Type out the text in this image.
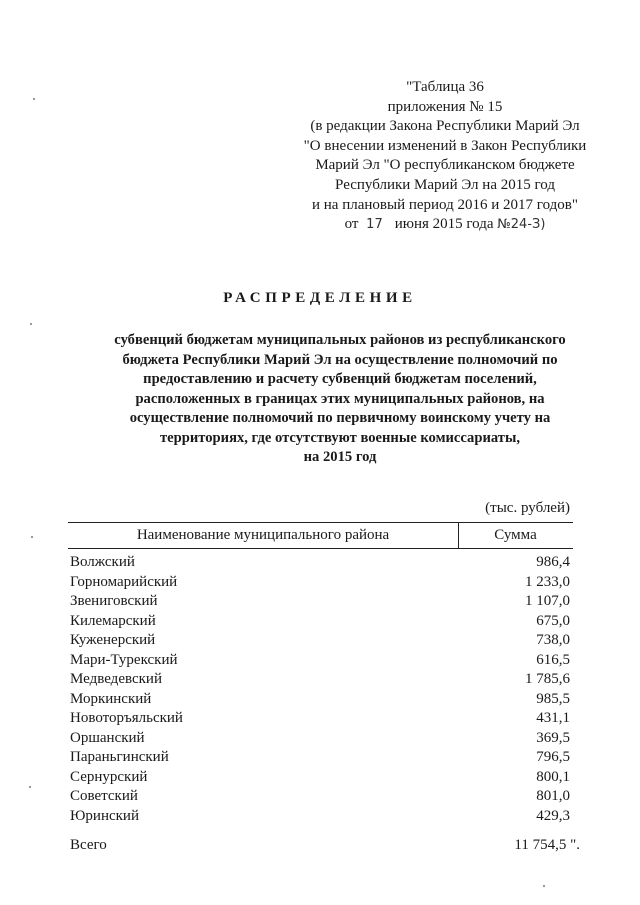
"Таблица 36
приложения № 15
(в редакции Закона Республики Марий Эл
"О внесении изменений в Закон Республики
Марий Эл "О республиканском бюджете
Республики Марий Эл на 2015 год
и на плановый период 2016 и 2017 годов"
от 17 июня 2015 года №24-З)
РАСПРЕДЕЛЕНИЕ
субвенций бюджетам муниципальных районов из республиканского
бюджета Республики Марий Эл на осуществление полномочий по
предоставлению и расчету субвенций бюджетам поселений,
расположенных в границах этих муниципальных районов, на
осуществление полномочий по первичному воинскому учету на
территориях, где отсутствуют военные комиссариаты,
на 2015 год
(тыс. рублей)
Наименование муниципального района	Сумма
Волжский	986,4
Горномарийский	1 233,0
Звениговский	1 107,0
Килемарский	675,0
Куженерский	738,0
Мари-Турекский	616,5
Медведевский	1 785,6
Моркинский	985,5
Новоторъяльский	431,1
Оршанский	369,5
Параньгинский	796,5
Сернурский	800,1
Советский	801,0
Юринский	429,3
Всего	11 754,5 ".
